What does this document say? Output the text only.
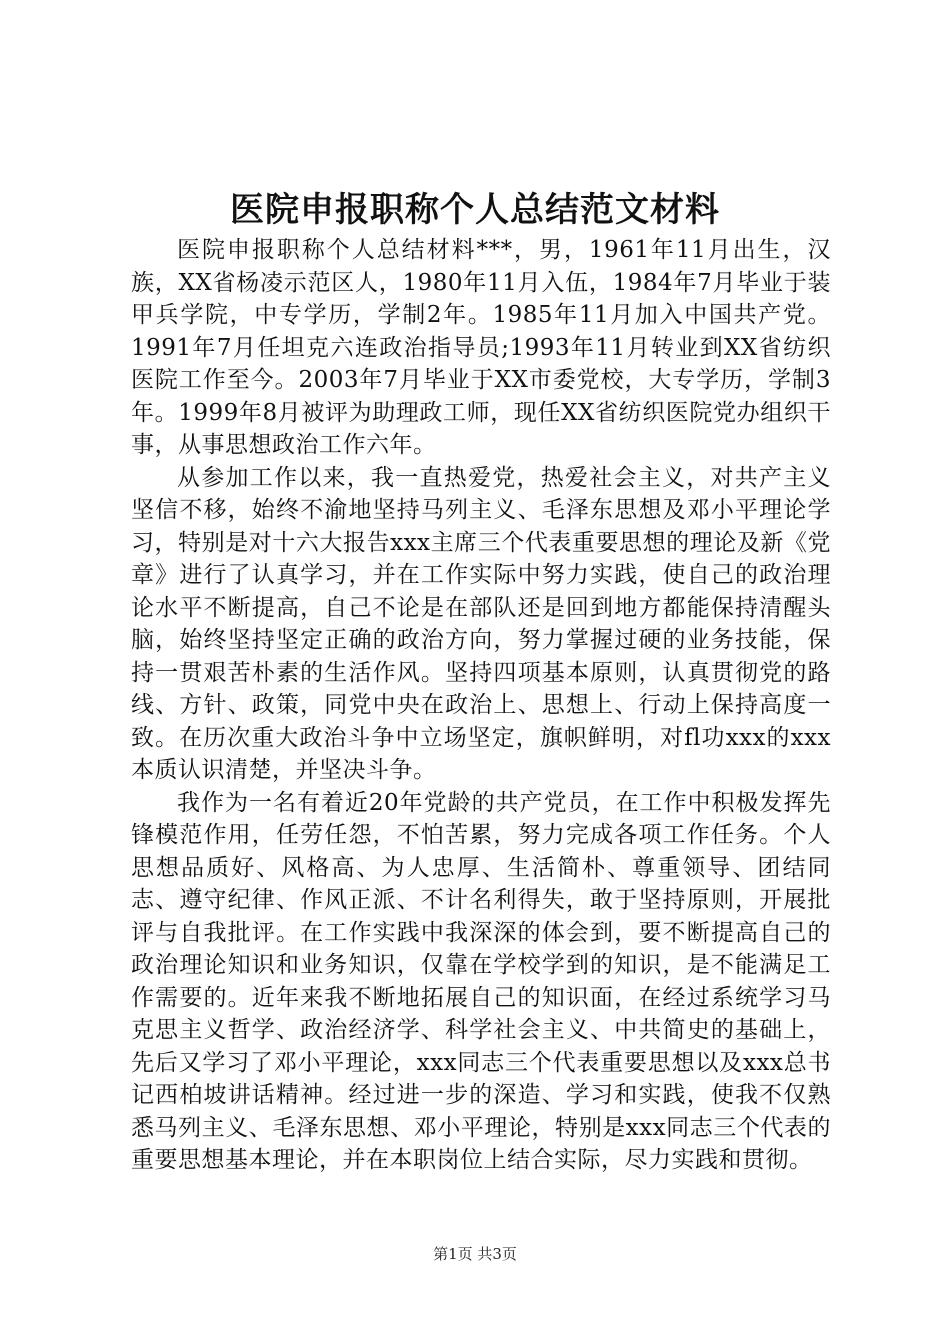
医院申报职称个人总结范文材料

医院申报职称个人总结材料***，男，1961年11月出生，汉族，XX省杨凌示范区人，1980年11月入伍，1984年7月毕业于装甲兵学院，中专学历，学制2年。1985年11月加入中国共产党。1991年7月任坦克六连政治指导员;1993年11月转业到XX省纺织医院工作至今。2003年7月毕业于XX市委党校，大专学历，学制3年。1999年8月被评为助理政工师，现任XX省纺织医院党办组织干事，从事思想政治工作六年。

从参加工作以来，我一直热爱党，热爱社会主义，对共产主义坚信不移，始终不渝地坚持马列主义、毛泽东思想及邓小平理论学习，特别是对十六大报告xxx主席三个代表重要思想的理论及新《党章》进行了认真学习，并在工作实际中努力实践，使自己的政治理论水平不断提高，自己不论是在部队还是回到地方都能保持清醒头脑，始终坚持坚定正确的政治方向，努力掌握过硬的业务技能，保持一贯艰苦朴素的生活作风。坚持四项基本原则，认真贯彻党的路线、方针、政策，同党中央在政治上、思想上、行动上保持高度一致。在历次重大政治斗争中立场坚定，旗帜鲜明，对fl功xxx的xxx本质认识清楚，并坚决斗争。

我作为一名有着近20年党龄的共产党员，在工作中积极发挥先锋模范作用，任劳任怨，不怕苦累，努力完成各项工作任务。个人思想品质好、风格高、为人忠厚、生活简朴、尊重领导、团结同志、遵守纪律、作风正派、不计名利得失，敢于坚持原则，开展批评与自我批评。在工作实践中我深深的体会到，要不断提高自己的政治理论知识和业务知识，仅靠在学校学到的知识，是不能满足工作需要的。近年来我不断地拓展自己的知识面，在经过系统学习马克思主义哲学、政治经济学、科学社会主义、中共简史的基础上，先后又学习了邓小平理论，xxx同志三个代表重要思想以及xxx总书记西柏坡讲话精神。经过进一步的深造、学习和实践，使我不仅熟悉马列主义、毛泽东思想、邓小平理论，特别是xxx同志三个代表的重要思想基本理论，并在本职岗位上结合实际，尽力实践和贯彻。

第1页 共3页
